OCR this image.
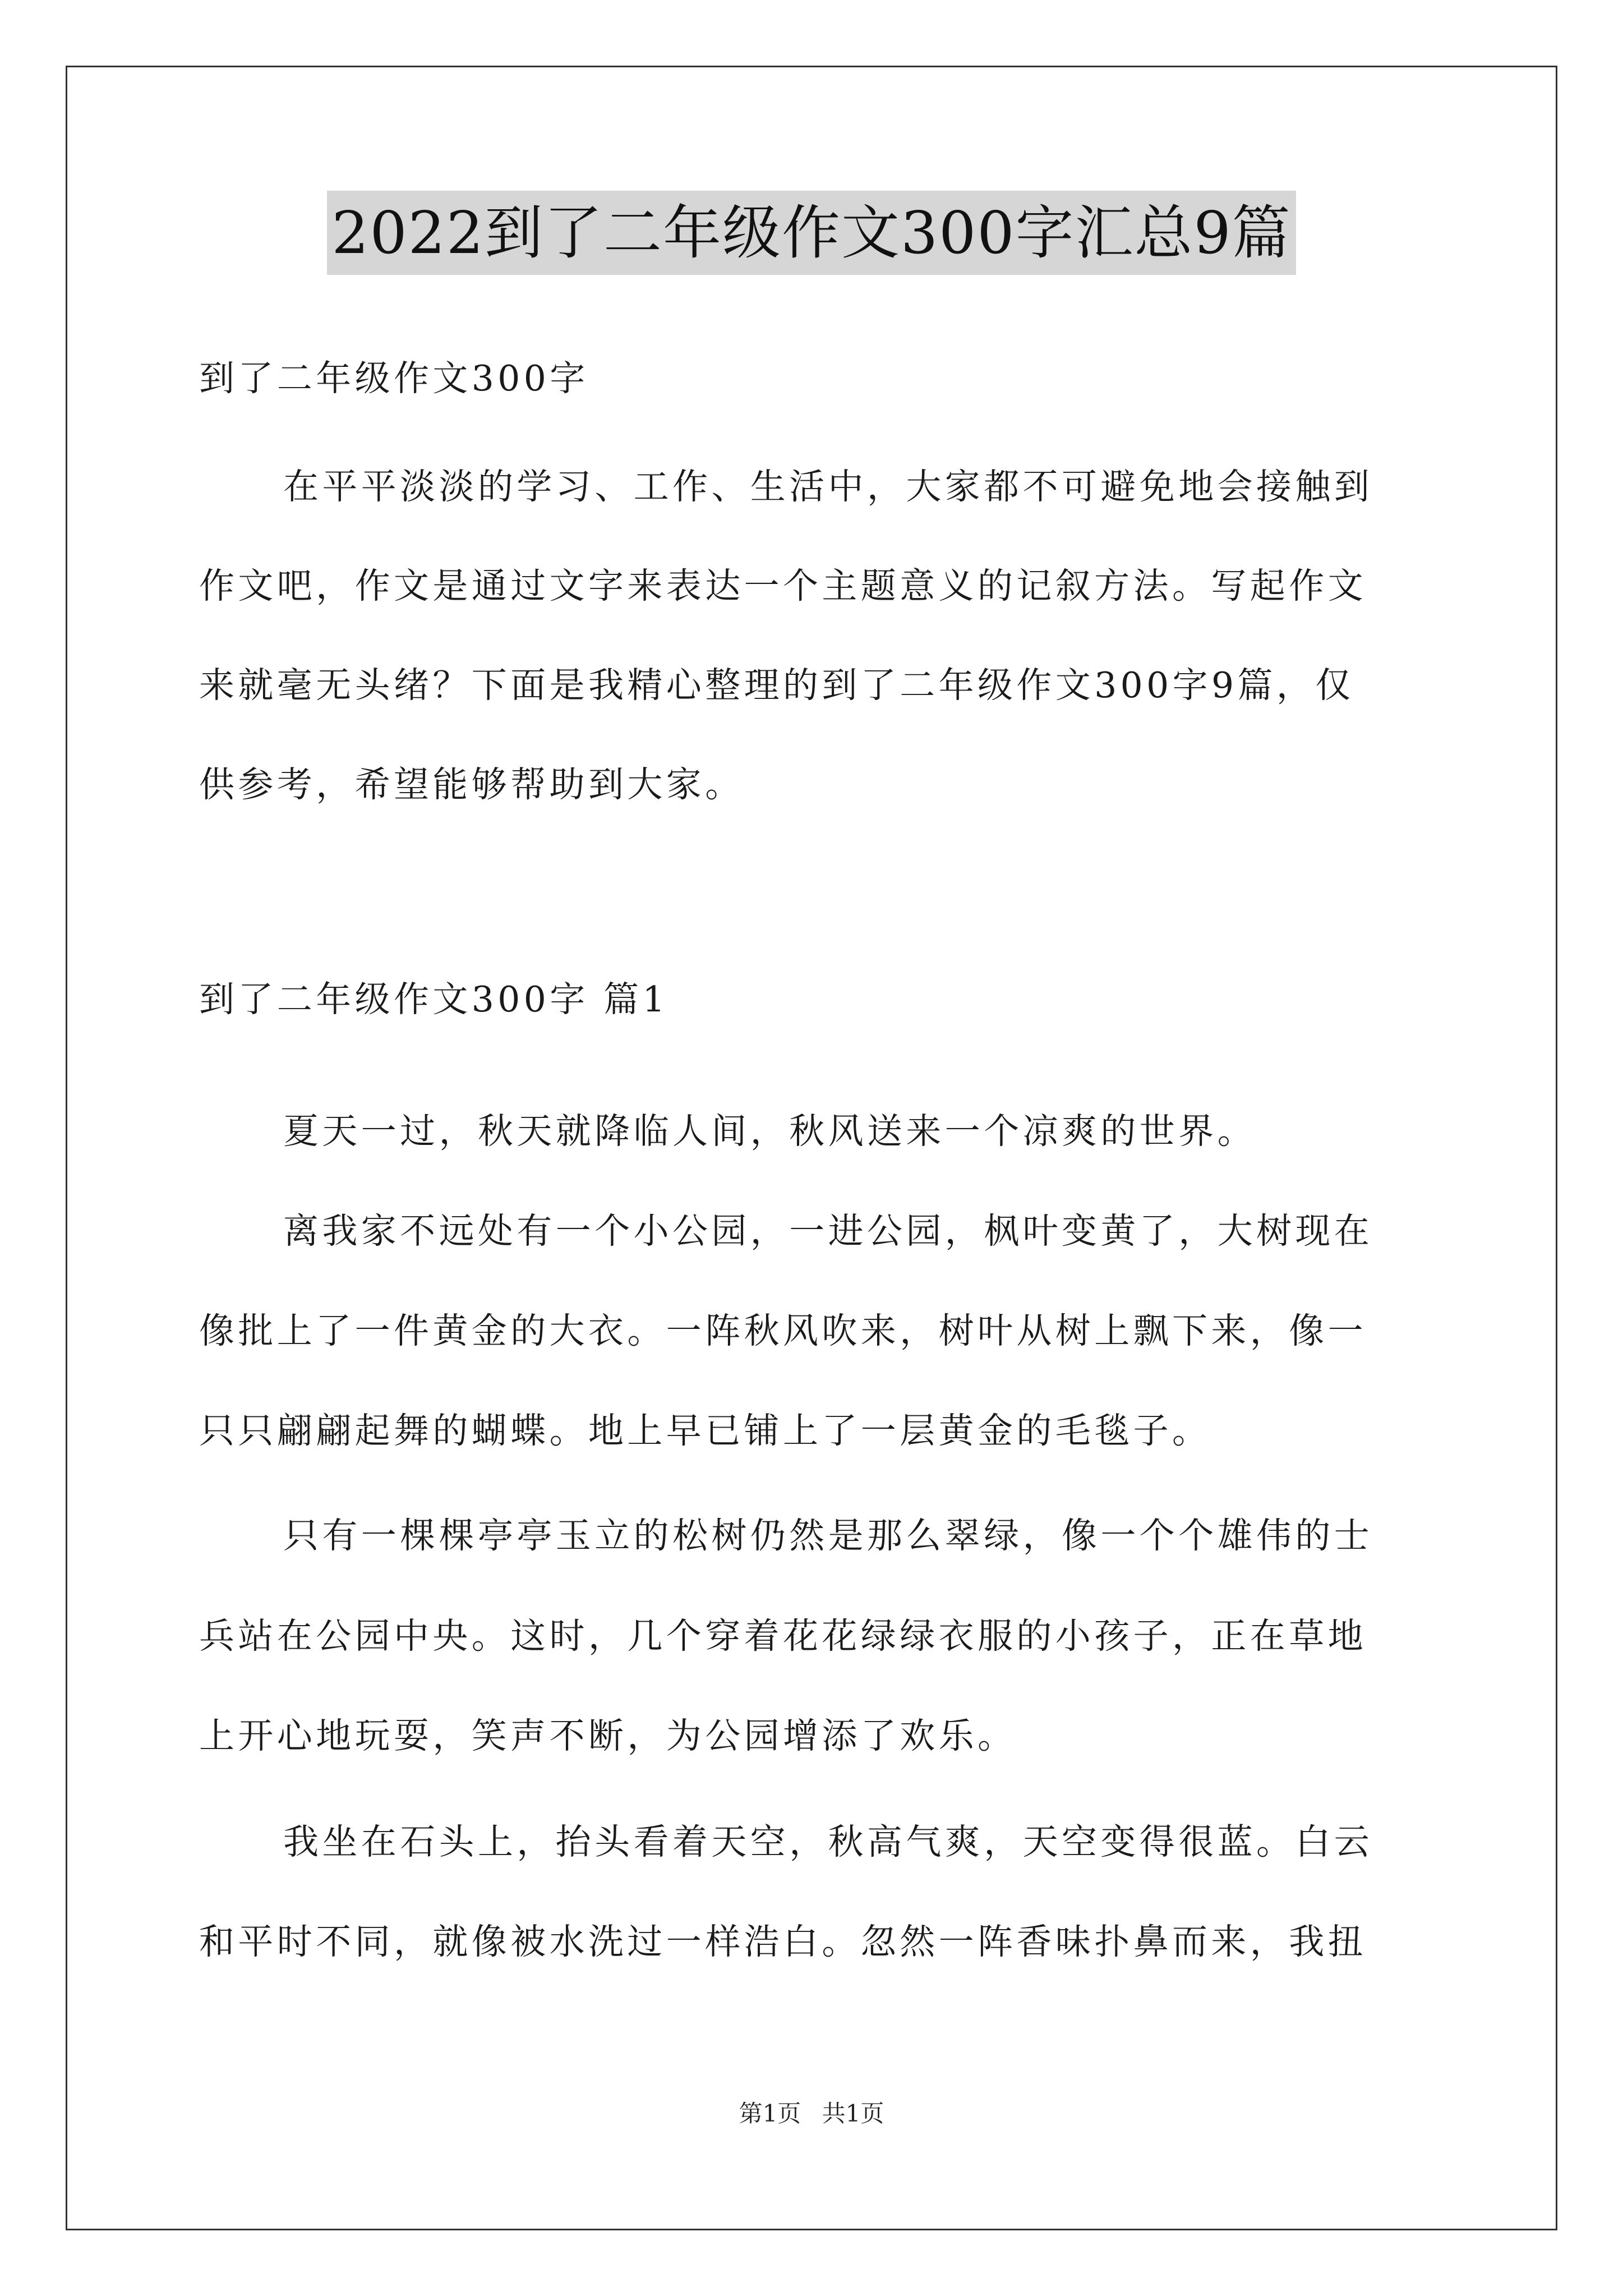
2022到了二年级作文300字汇总9篇
到了二年级作文300字
在平平淡淡的学习、工作、生活中，大家都不可避免地会接触到
作文吧，作文是通过文字来表达一个主题意义的记叙方法。写起作文
来就毫无头绪？下面是我精心整理的到了二年级作文300字9篇，仅
供参考，希望能够帮助到大家。
到了二年级作文300字 篇1
夏天一过，秋天就降临人间，秋风送来一个凉爽的世界。
离我家不远处有一个小公园，一进公园，枫叶变黄了，大树现在
像批上了一件黄金的大衣。一阵秋风吹来，树叶从树上飘下来，像一
只只翩翩起舞的蝴蝶。地上早已铺上了一层黄金的毛毯子。
只有一棵棵亭亭玉立的松树仍然是那么翠绿，像一个个雄伟的士
兵站在公园中央。这时，几个穿着花花绿绿衣服的小孩子，正在草地
上开心地玩耍，笑声不断，为公园增添了欢乐。
我坐在石头上，抬头看着天空，秋高气爽，天空变得很蓝。白云
和平时不同，就像被水洗过一样浩白。忽然一阵香味扑鼻而来，我扭
第1页 共1页
